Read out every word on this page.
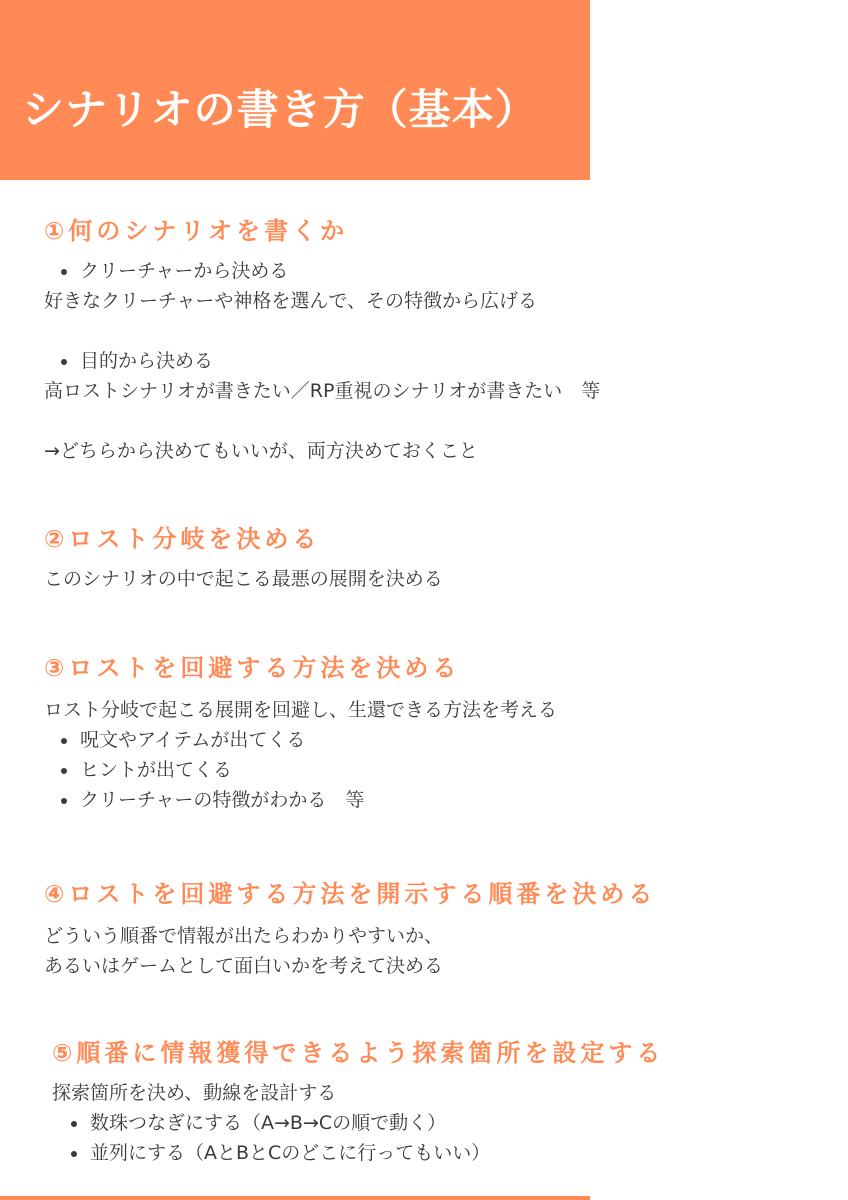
シナリオの書き方（基本）
①何のシナリオを書くか
クリーチャーから決める
好きなクリーチャーや神格を選んで、その特徴から広げる
目的から決める
高ロストシナリオが書きたい／RP重視のシナリオが書きたい　等
→どちらから決めてもいいが、両方決めておくこと
②ロスト分岐を決める
このシナリオの中で起こる最悪の展開を決める
③ロストを回避する方法を決める
ロスト分岐で起こる展開を回避し、生還できる方法を考える
呪文やアイテムが出てくる
ヒントが出てくる
クリーチャーの特徴がわかる　等
④ロストを回避する方法を開示する順番を決める
どういう順番で情報が出たらわかりやすいか、
あるいはゲームとして面白いかを考えて決める
⑤順番に情報獲得できるよう探索箇所を設定する
探索箇所を決め、動線を設計する
数珠つなぎにする（A→B→Cの順で動く）
並列にする（AとBとCのどこに行ってもいい）
